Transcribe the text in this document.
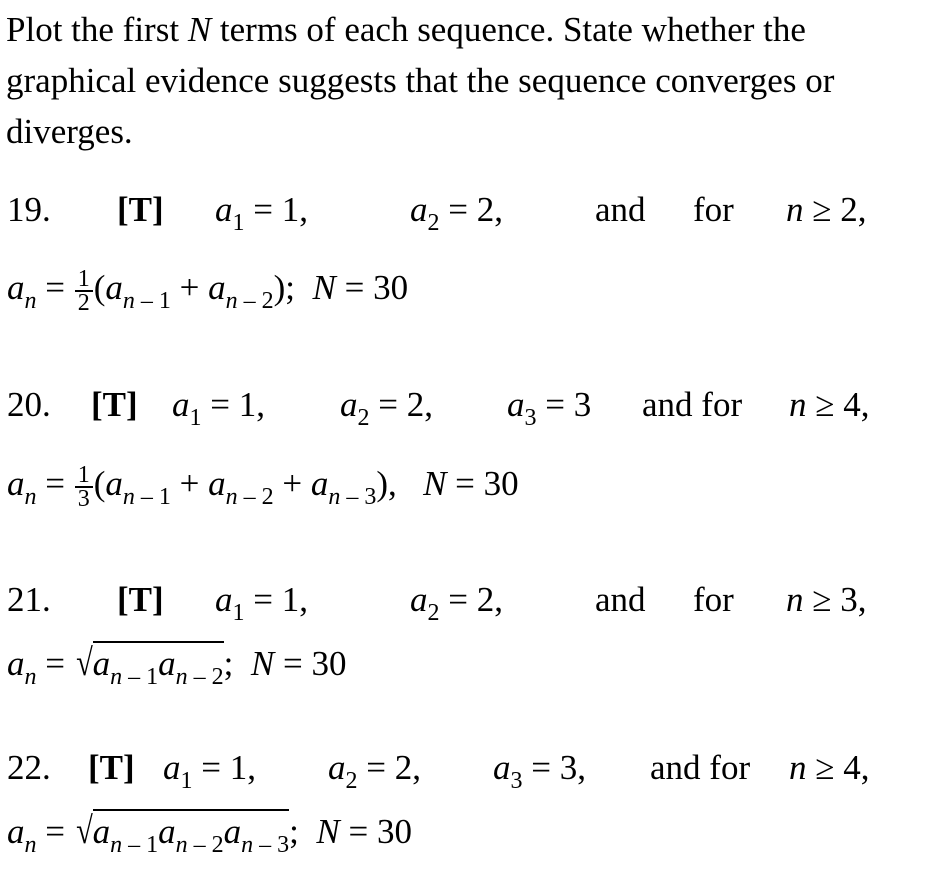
Plot the first N terms of each sequence. State whether the graphical evidence suggests that the sequence converges or diverges.

19. [T] $a_1 = 1$,	$a_2 = 2$,	and for n ≥ 2,
$a_n = \frac{1}{2} (a_{n - 1} + a_{n - 2})$;  N = 30
20. [T] $a_1 = 1$, $a_2 = 2$, $a_3 = 3$ and for n ≥ 4,
$a_n = \frac{1}{3} (a_{n - 1} + a_{n - 2} + a_{n - 3})$,   N = 30
21. [T] $a_1 = 1$,	$a_2 = 2$,	and for n ≥ 3,
$a_n = √a_{n - 1}a_{n - 2}$;  N = 30
22. [T] $a_1 = 1$, $a_2 = 2$, $a_3 = 3$, and for n ≥ 4,
$a_n = √a_{n - 1}a_{n - 2}a_{n - 3}$;  N = 30
